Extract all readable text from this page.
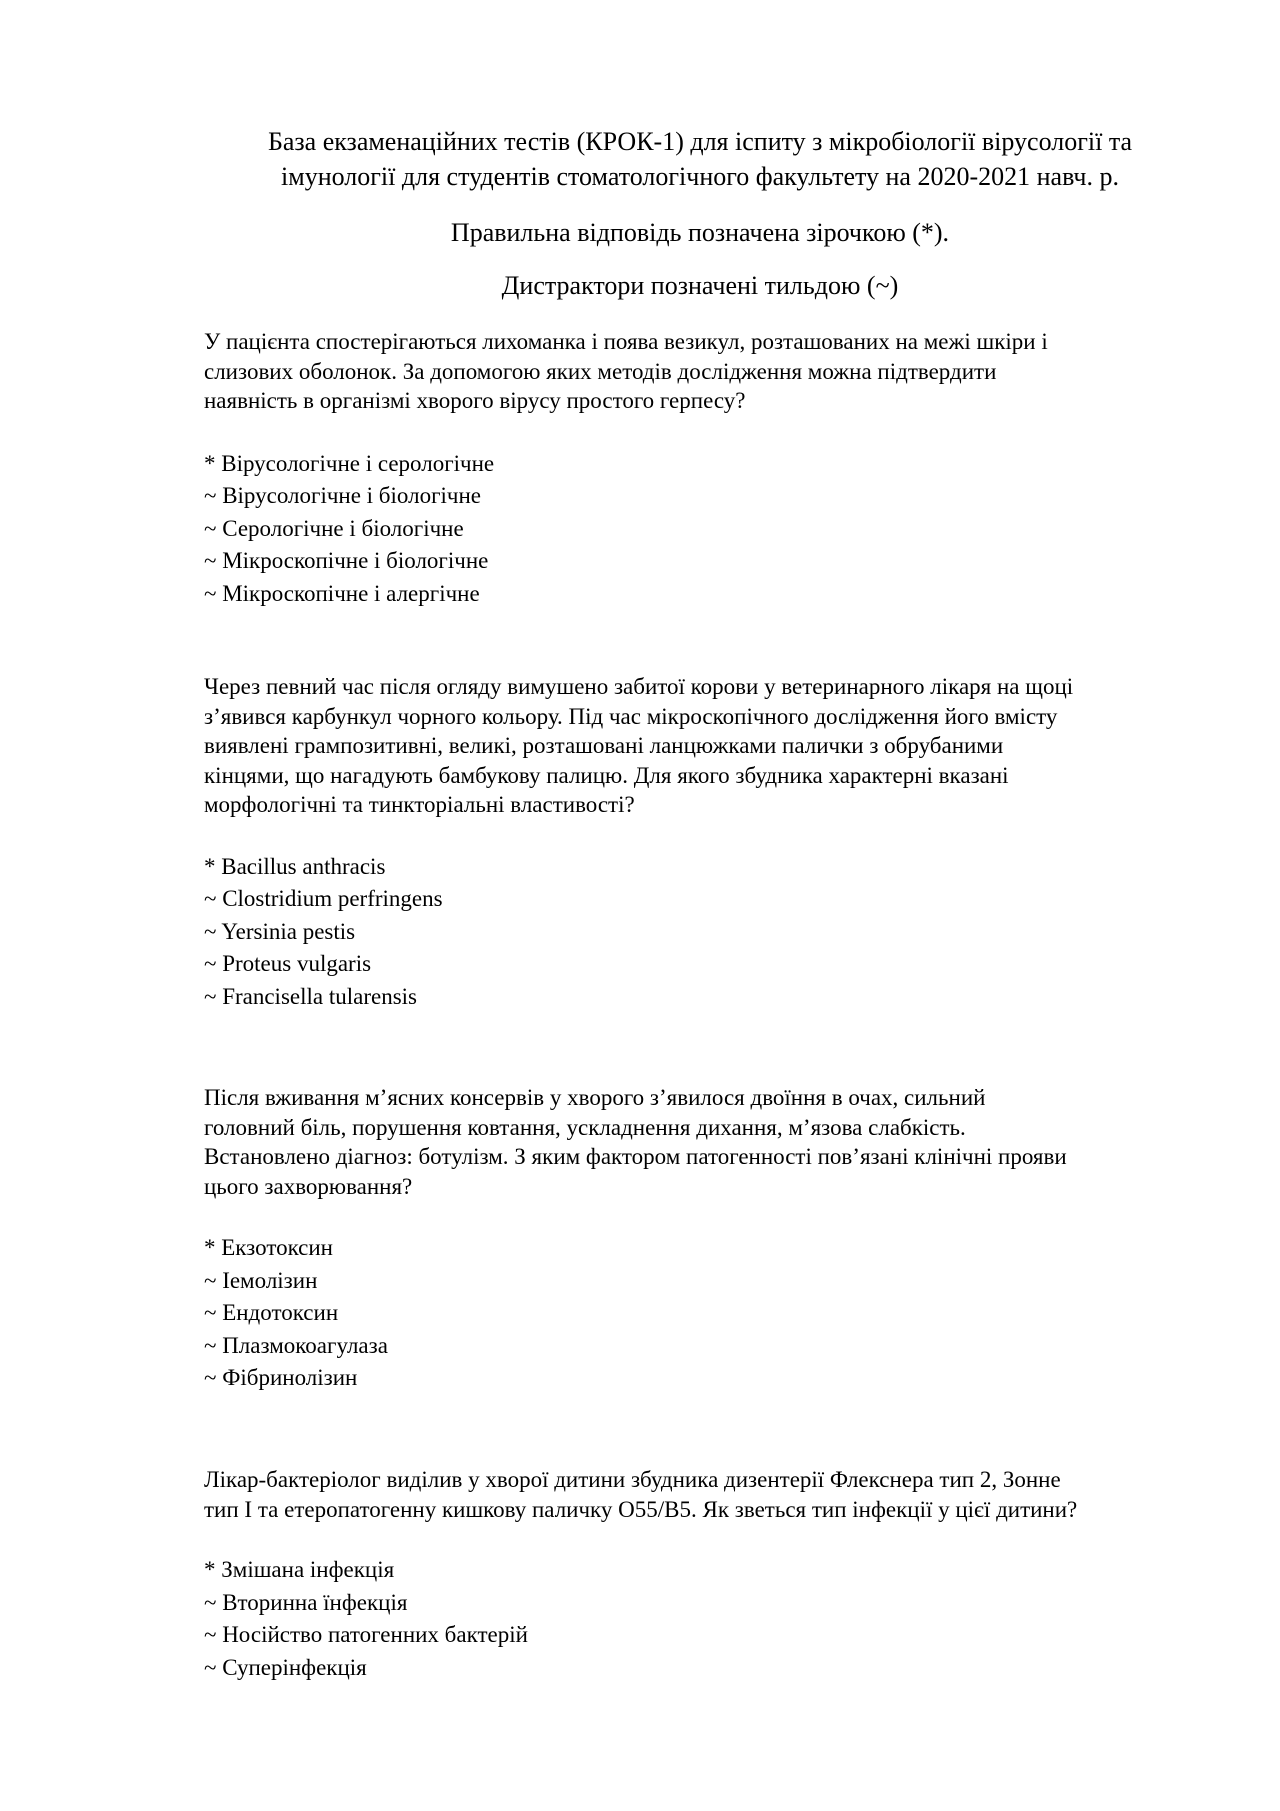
База екзаменаційних тестів (КРОК-1) для іспиту з мікробіології вірусології та

імунології для студентів стоматологічного факультету на 2020-2021 навч. р.

Правильна відповідь позначена зірочкою (*).

Дистрактори позначені тильдою (~)

У пацієнта спостерігаються лихоманка і поява везикул, розташованих на межі шкіри і
слизових оболонок. За допомогою яких методів дослідження можна підтвердити
наявність в організмі хворого вірусу простого герпесу?
* Вірусологічне і серологічне
~ Вірусологічне і біологічне
~ Серологічне і біологічне
~ Мікроскопічне і біологічне
~ Мікроскопічне і алергічне
Через певний час після огляду вимушено забитої корови у ветеринарного лікаря на щоці
з’явився карбункул чорного кольору. Під час мікроскопічного дослідження його вмісту
виявлені грампозитивні, великі, розташовані ланцюжками палички з обрубаними
кінцями, що нагадують бамбукову палицю. Для якого збудника характерні вказані
морфологічні та тинкторіальні властивості?
* Bacillus anthracis
~ Clostridium perfringens
~ Yersinia pestis
~ Proteus vulgaris
~ Francisella tularensis
Після вживання м’ясних консервів у хворого з’явилося двоїння в очах, сильний
головний біль, порушення ковтання, ускладнення дихання, м’язова слабкість.
Встановлено діагноз: ботулізм. З яким фактором патогенності пов’язані клінічні прояви
цього захворювання?
* Екзотоксин
~ Іемолізин
~ Ендотоксин
~ Плазмокоагулаза
~ Фібринолізин
Лікар-бактеріолог виділив у хворої дитини збудника дизентерії Флекснера тип 2, Зонне
тип I та етеропатогенну кишкову паличку O55/B5. Як зветься тип інфекції у цієї дитини?
* Змішана інфекція
~ Вторинна їнфекція
~ Носійство патогенних бактерій
~ Суперінфекція
